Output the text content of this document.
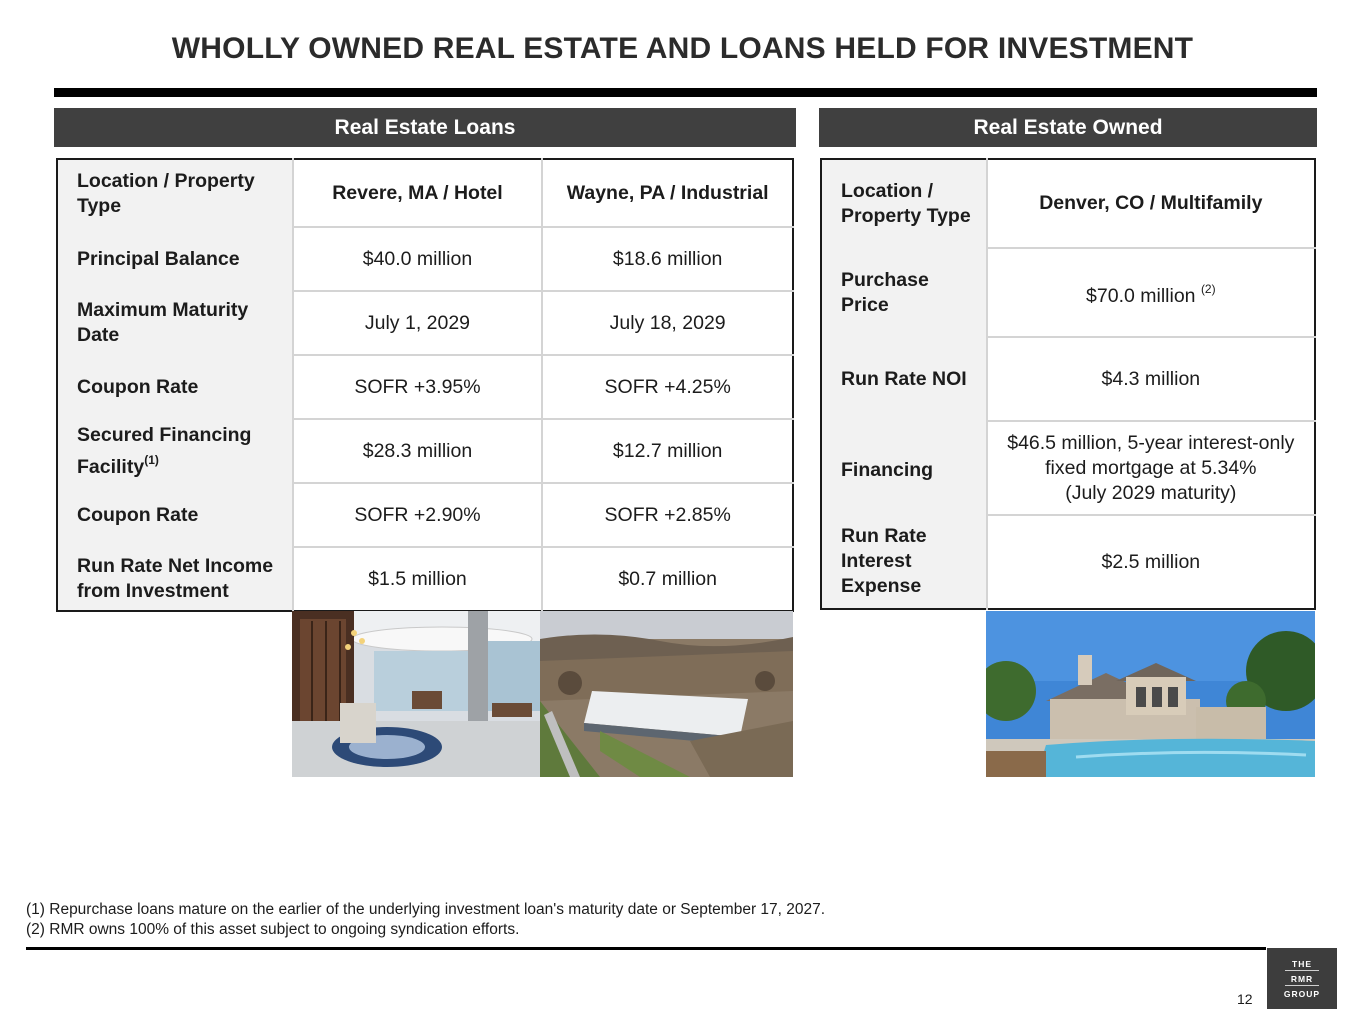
WHOLLY OWNED REAL ESTATE AND LOANS HELD FOR INVESTMENT
Real Estate Loans	Real Estate Owned
Location / Property Type	Revere, MA / Hotel	Wayne, PA / Industrial
Principal Balance	$40.0 million	$18.6 million
Maximum Maturity Date	July 1, 2029	July 18, 2029
Coupon Rate	SOFR +3.95%	SOFR +4.25%
Secured Financing Facility$^{(1)}$	$28.3 million	$12.7 million
Coupon Rate	SOFR +2.90%	SOFR +2.85%
Run Rate Net Income from Investment	$1.5 million	$0.7 million
Location / Property Type	Denver, CO / Multifamily
Purchase Price	$70.0 million $^{(2)}$
Run Rate NOI	$4.3 million
Financing	$46.5 million, 5-year interest-only
fixed mortgage at 5.34%
(July 2029 maturity)

Run Rate Interest Expense	$2.5 million
(1) Repurchase loans mature on the earlier of the underlying investment loan's maturity date or September 17, 2027.
(2) RMR owns 100% of this asset subject to ongoing syndication efforts.
12
THE
RMR
GROUP
